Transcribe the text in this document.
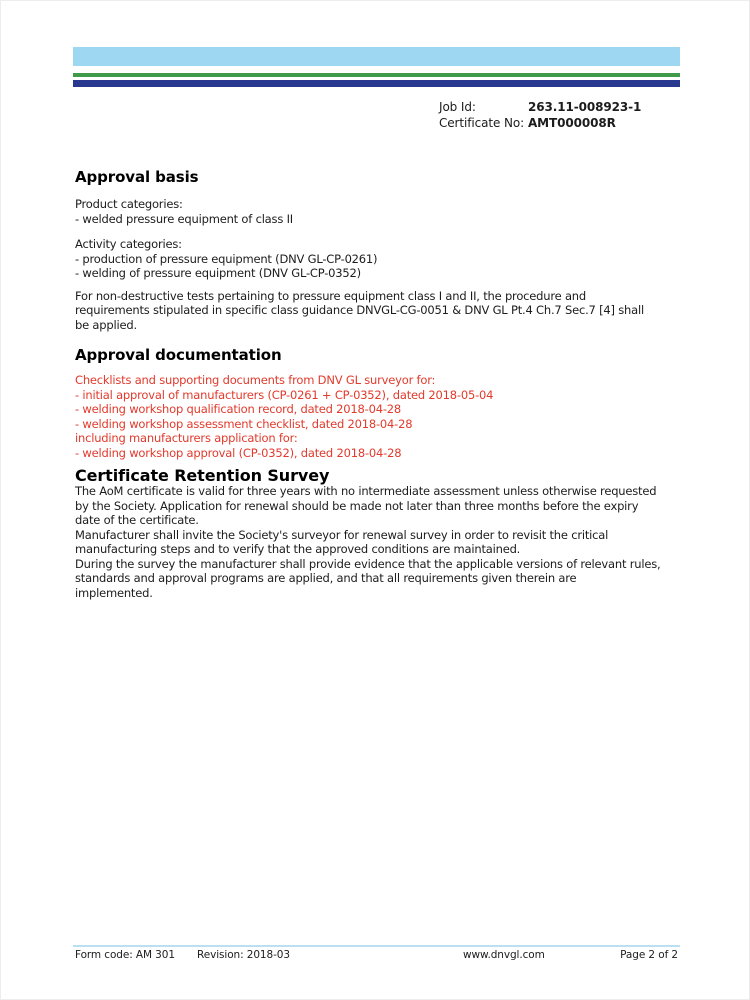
Job Id:	263.11-008923-1
Certificate No: AMT000008R
Approval basis
Product categories:
- welded pressure equipment of class II
Activity categories:
- production of pressure equipment (DNV GL-CP-0261)
- welding of pressure equipment (DNV GL-CP-0352)
For non-destructive tests pertaining to pressure equipment class I and II, the procedure and
requirements stipulated in specific class guidance DNVGL-CG-0051 & DNV GL Pt.4 Ch.7 Sec.7 [4] shall
be applied.
Approval documentation
Checklists and supporting documents from DNV GL surveyor for:
- initial approval of manufacturers (CP-0261 + CP-0352), dated 2018-05-04
- welding workshop qualification record, dated 2018-04-28
- welding workshop assessment checklist, dated 2018-04-28
including manufacturers application for:
- welding workshop approval (CP-0352), dated 2018-04-28
Certificate Retention Survey
The AoM certificate is valid for three years with no intermediate assessment unless otherwise requested
by the Society. Application for renewal should be made not later than three months before the expiry
date of the certificate.
Manufacturer shall invite the Society's surveyor for renewal survey in order to revisit the critical
manufacturing steps and to verify that the approved conditions are maintained.
During the survey the manufacturer shall provide evidence that the applicable versions of relevant rules,
standards and approval programs are applied, and that all requirements given therein are
implemented.
Form code: AM 301 Revision: 2018-03	www.dnvgl.com	Page 2 of 2
